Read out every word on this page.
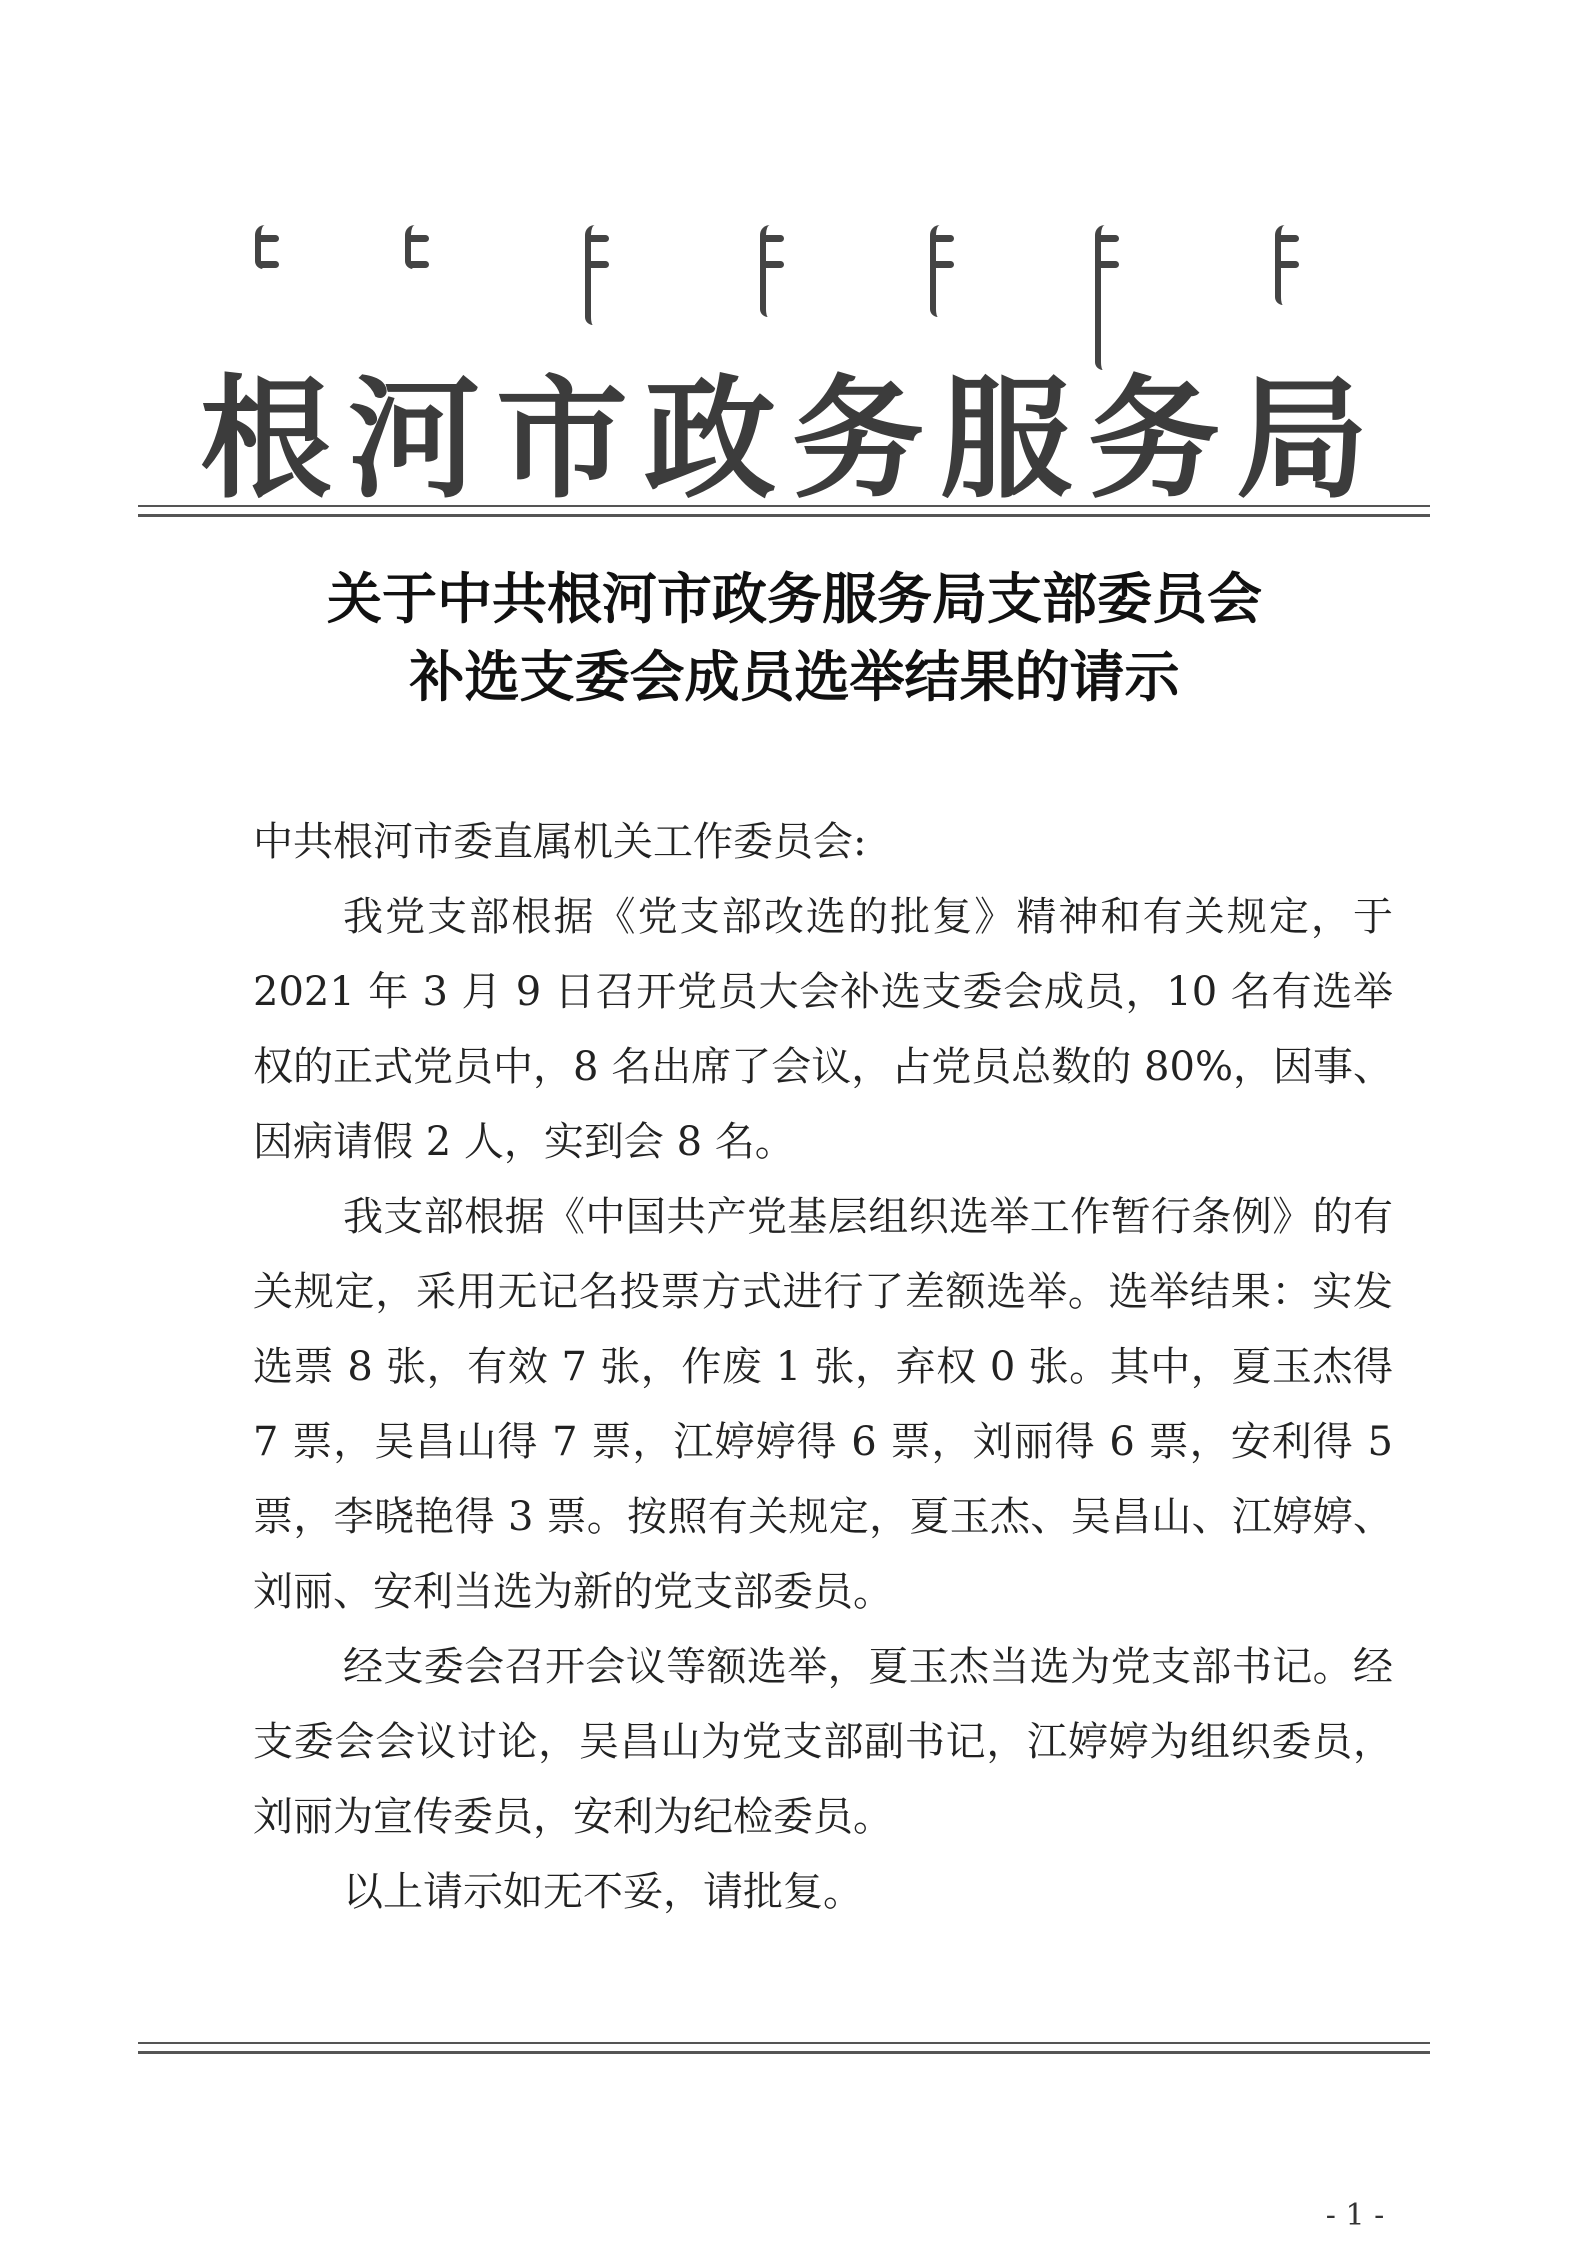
根河市政务服务局
关于中共根河市政务服务局支部委员会
补选支委会成员选举结果的请示

中共根河市委直属机关工作委员会:

我党支部根据《党支部改选的批复》精神和有关规定，于 2021 年 3 月 9 日召开党员大会补选支委会成员，10 名有选举权的正式党员中，8 名出席了会议，占党员总数的 80%，因事、因病请假 2 人，实到会 8 名。

我支部根据《中国共产党基层组织选举工作暂行条例》的有关规定，采用无记名投票方式进行了差额选举。选举结果：实发选票 8 张，有效 7 张，作废 1 张，弃权 0 张。其中，夏玉杰得 7 票，吴昌山得 7 票，江婷婷得 6 票，刘丽得 6 票，安利得 5 票，李晓艳得 3 票。按照有关规定，夏玉杰、吴昌山、江婷婷、刘丽、安利当选为新的党支部委员。

经支委会召开会议等额选举，夏玉杰当选为党支部书记。经支委会会议讨论，吴昌山为党支部副书记，江婷婷为组织委员，刘丽为宣传委员，安利为纪检委员。

以上请示如无不妥，请批复。

- 1 -
